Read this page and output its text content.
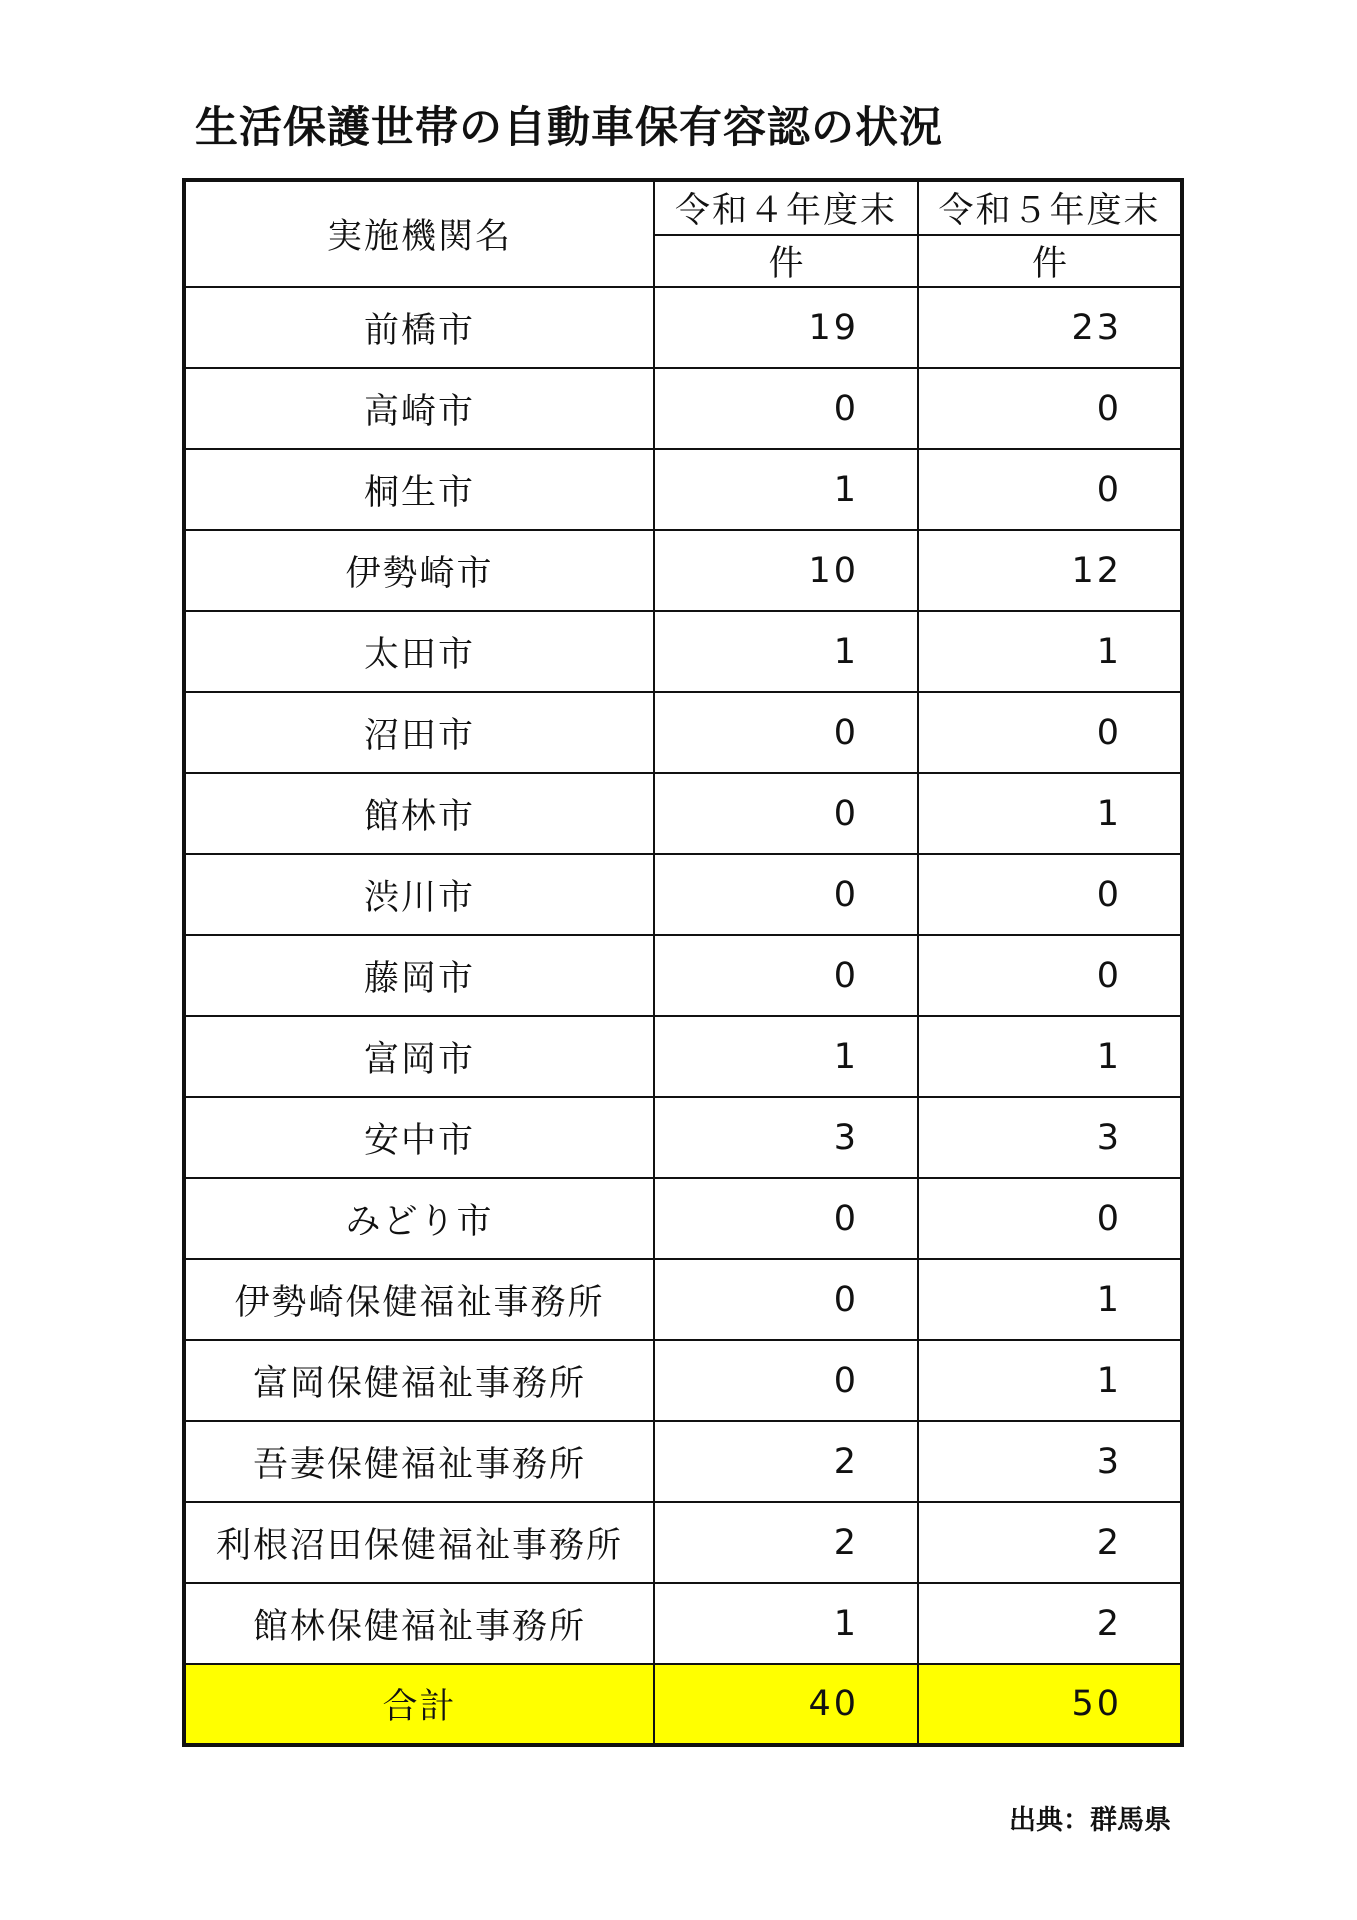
生活保護世帯の自動車保有容認の状況
実施機関名	令和４年度末	令和５年度末
	件	件
前橋市	19	23
高崎市	0	0
桐生市	1	0
伊勢崎市	10	12
太田市	1	1
沼田市	0	0
館林市	0	1
渋川市	0	0
藤岡市	0	0
富岡市	1	1
安中市	3	3
みどり市	0	0
伊勢崎保健福祉事務所	0	1
富岡保健福祉事務所	0	1
吾妻保健福祉事務所	2	3
利根沼田保健福祉事務所	2	2
館林保健福祉事務所	1	2
合計	40	50
出典：群馬県
